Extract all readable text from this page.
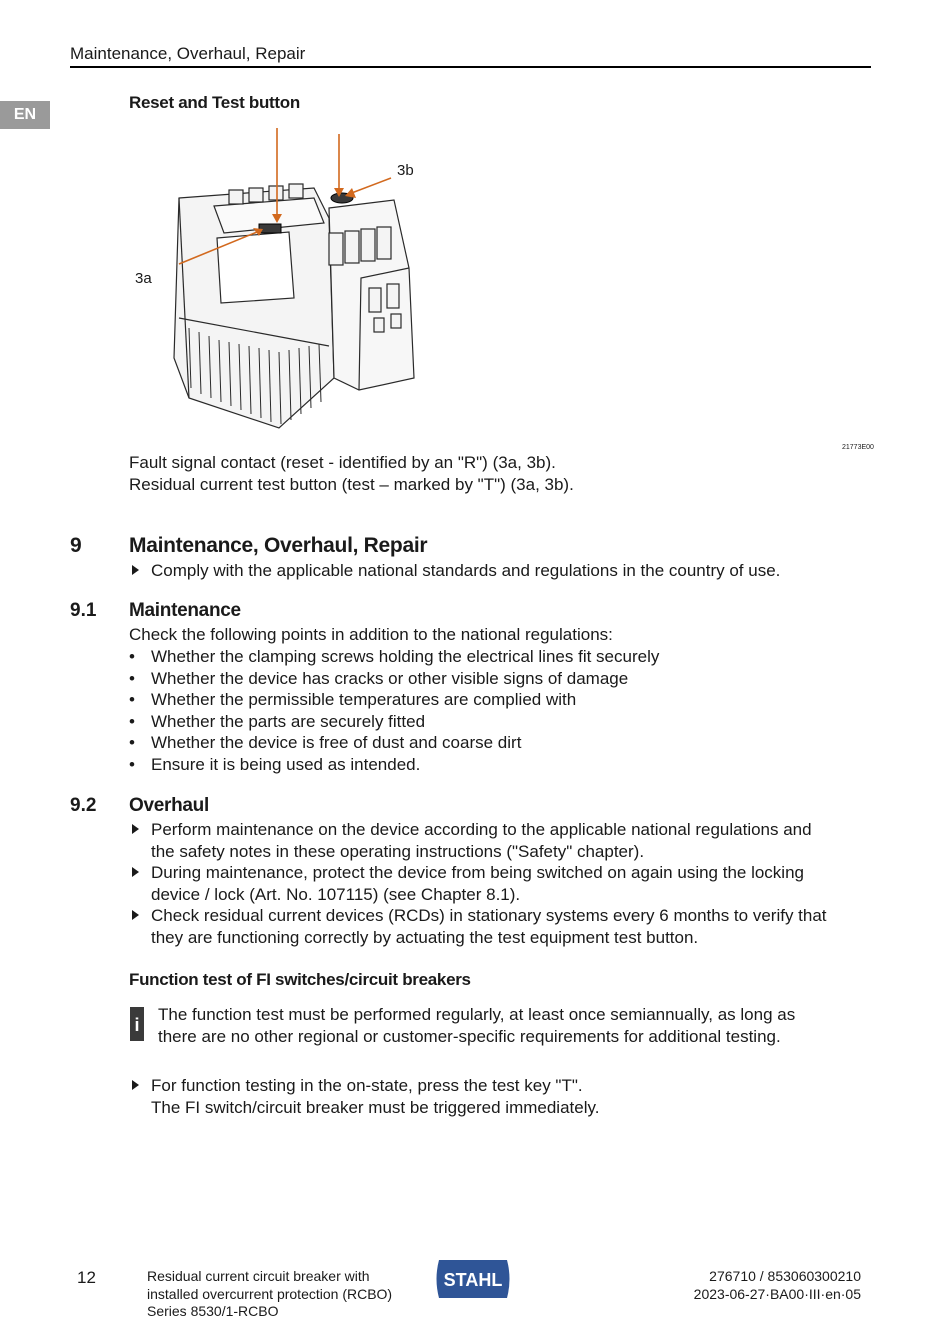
Maintenance, Overhaul, Repair
EN
Reset and Test button
3b
3a
21773E00
Fault signal contact (reset - identified by an "R") (3a, 3b).
Residual current test button (test – marked by "T") (3a, 3b).
9 Maintenance, Overhaul, Repair
Comply with the applicable national standards and regulations in the country of use.
9.1 Maintenance
Check the following points in addition to the national regulations:
• Whether the clamping screws holding the electrical lines fit securely
• Whether the device has cracks or other visible signs of damage
• Whether the permissible temperatures are complied with
• Whether the parts are securely fitted
• Whether the device is free of dust and coarse dirt
• Ensure it is being used as intended.
9.2 Overhaul
Perform maintenance on the device according to the applicable national regulations and
the safety notes in these operating instructions ("Safety" chapter).
During maintenance, protect the device from being switched on again using the locking
device / lock (Art. No. 107115) (see Chapter 8.1).
Check residual current devices (RCDs) in stationary systems every 6 months to verify that
they are functioning correctly by actuating the test equipment test button.
Function test of FI switches/circuit breakers
i
The function test must be performed regularly, at least once semiannually, as long as
there are no other regional or customer-specific requirements for additional testing.
For function testing in the on-state, press the test key "T".
The FI switch/circuit breaker must be triggered immediately.
12	Residual current circuit breaker with
installed overcurrent protection (RCBO)
Series 8530/1-RCBO
STAHL	276710 / 853060300210
2023-06-27·BA00·III·en·05
